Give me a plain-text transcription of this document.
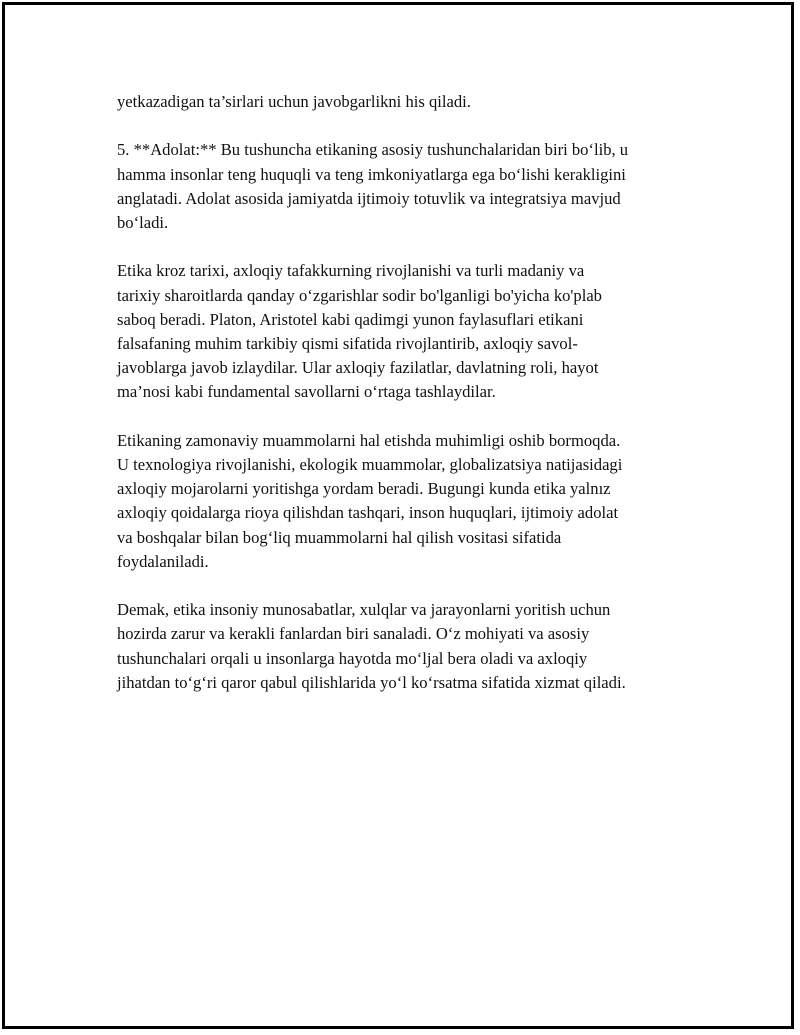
yetkazadigan ta’sirlari uchun javobgarlikni his qiladi.

5. **Adolat:** Bu tushuncha etikaning asosiy tushunchalaridan biri boʻlib, u
hamma insonlar teng huquqli va teng imkoniyatlarga ega boʻlishi kerakligini
anglatadi. Adolat asosida jamiyatda ijtimoiy totuvlik va integratsiya mavjud
boʻladi.

Etika kroz tarixi, axloqiy tafakkurning rivojlanishi va turli madaniy va
tarixiy sharoitlarda qanday oʻzgarishlar sodir bo'lganligi bo'yicha ko'plab
saboq beradi. Platon, Aristotel kabi qadimgi yunon faylasuflari etikani
falsafaning muhim tarkibiy qismi sifatida rivojlantirib, axloqiy savol-
javoblarga javob izlaydilar. Ular axloqiy fazilatlar, davlatning roli, hayot
ma’nosi kabi fundamental savollarni oʻrtaga tashlaydilar.

Etikaning zamonaviy muammolarni hal etishda muhimligi oshib bormoqda.
U texnologiya rivojlanishi, ekologik muammolar, globalizatsiya natijasidagi
axloqiy mojarolarni yoritishga yordam beradi. Bugungi kunda etika yalnız
axloqiy qoidalarga rioya qilishdan tashqari, inson huquqlari, ijtimoiy adolat
va boshqalar bilan bogʻliq muammolarni hal qilish vositasi sifatida
foydalaniladi.

Demak, etika insoniy munosabatlar, xulqlar va jarayonlarni yoritish uchun
hozirda zarur va kerakli fanlardan biri sanaladi. Oʻz mohiyati va asosiy
tushunchalari orqali u insonlarga hayotda moʻljal bera oladi va axloqiy
jihatdan toʻgʻri qaror qabul qilishlarida yoʻl koʻrsatma sifatida xizmat qiladi.
